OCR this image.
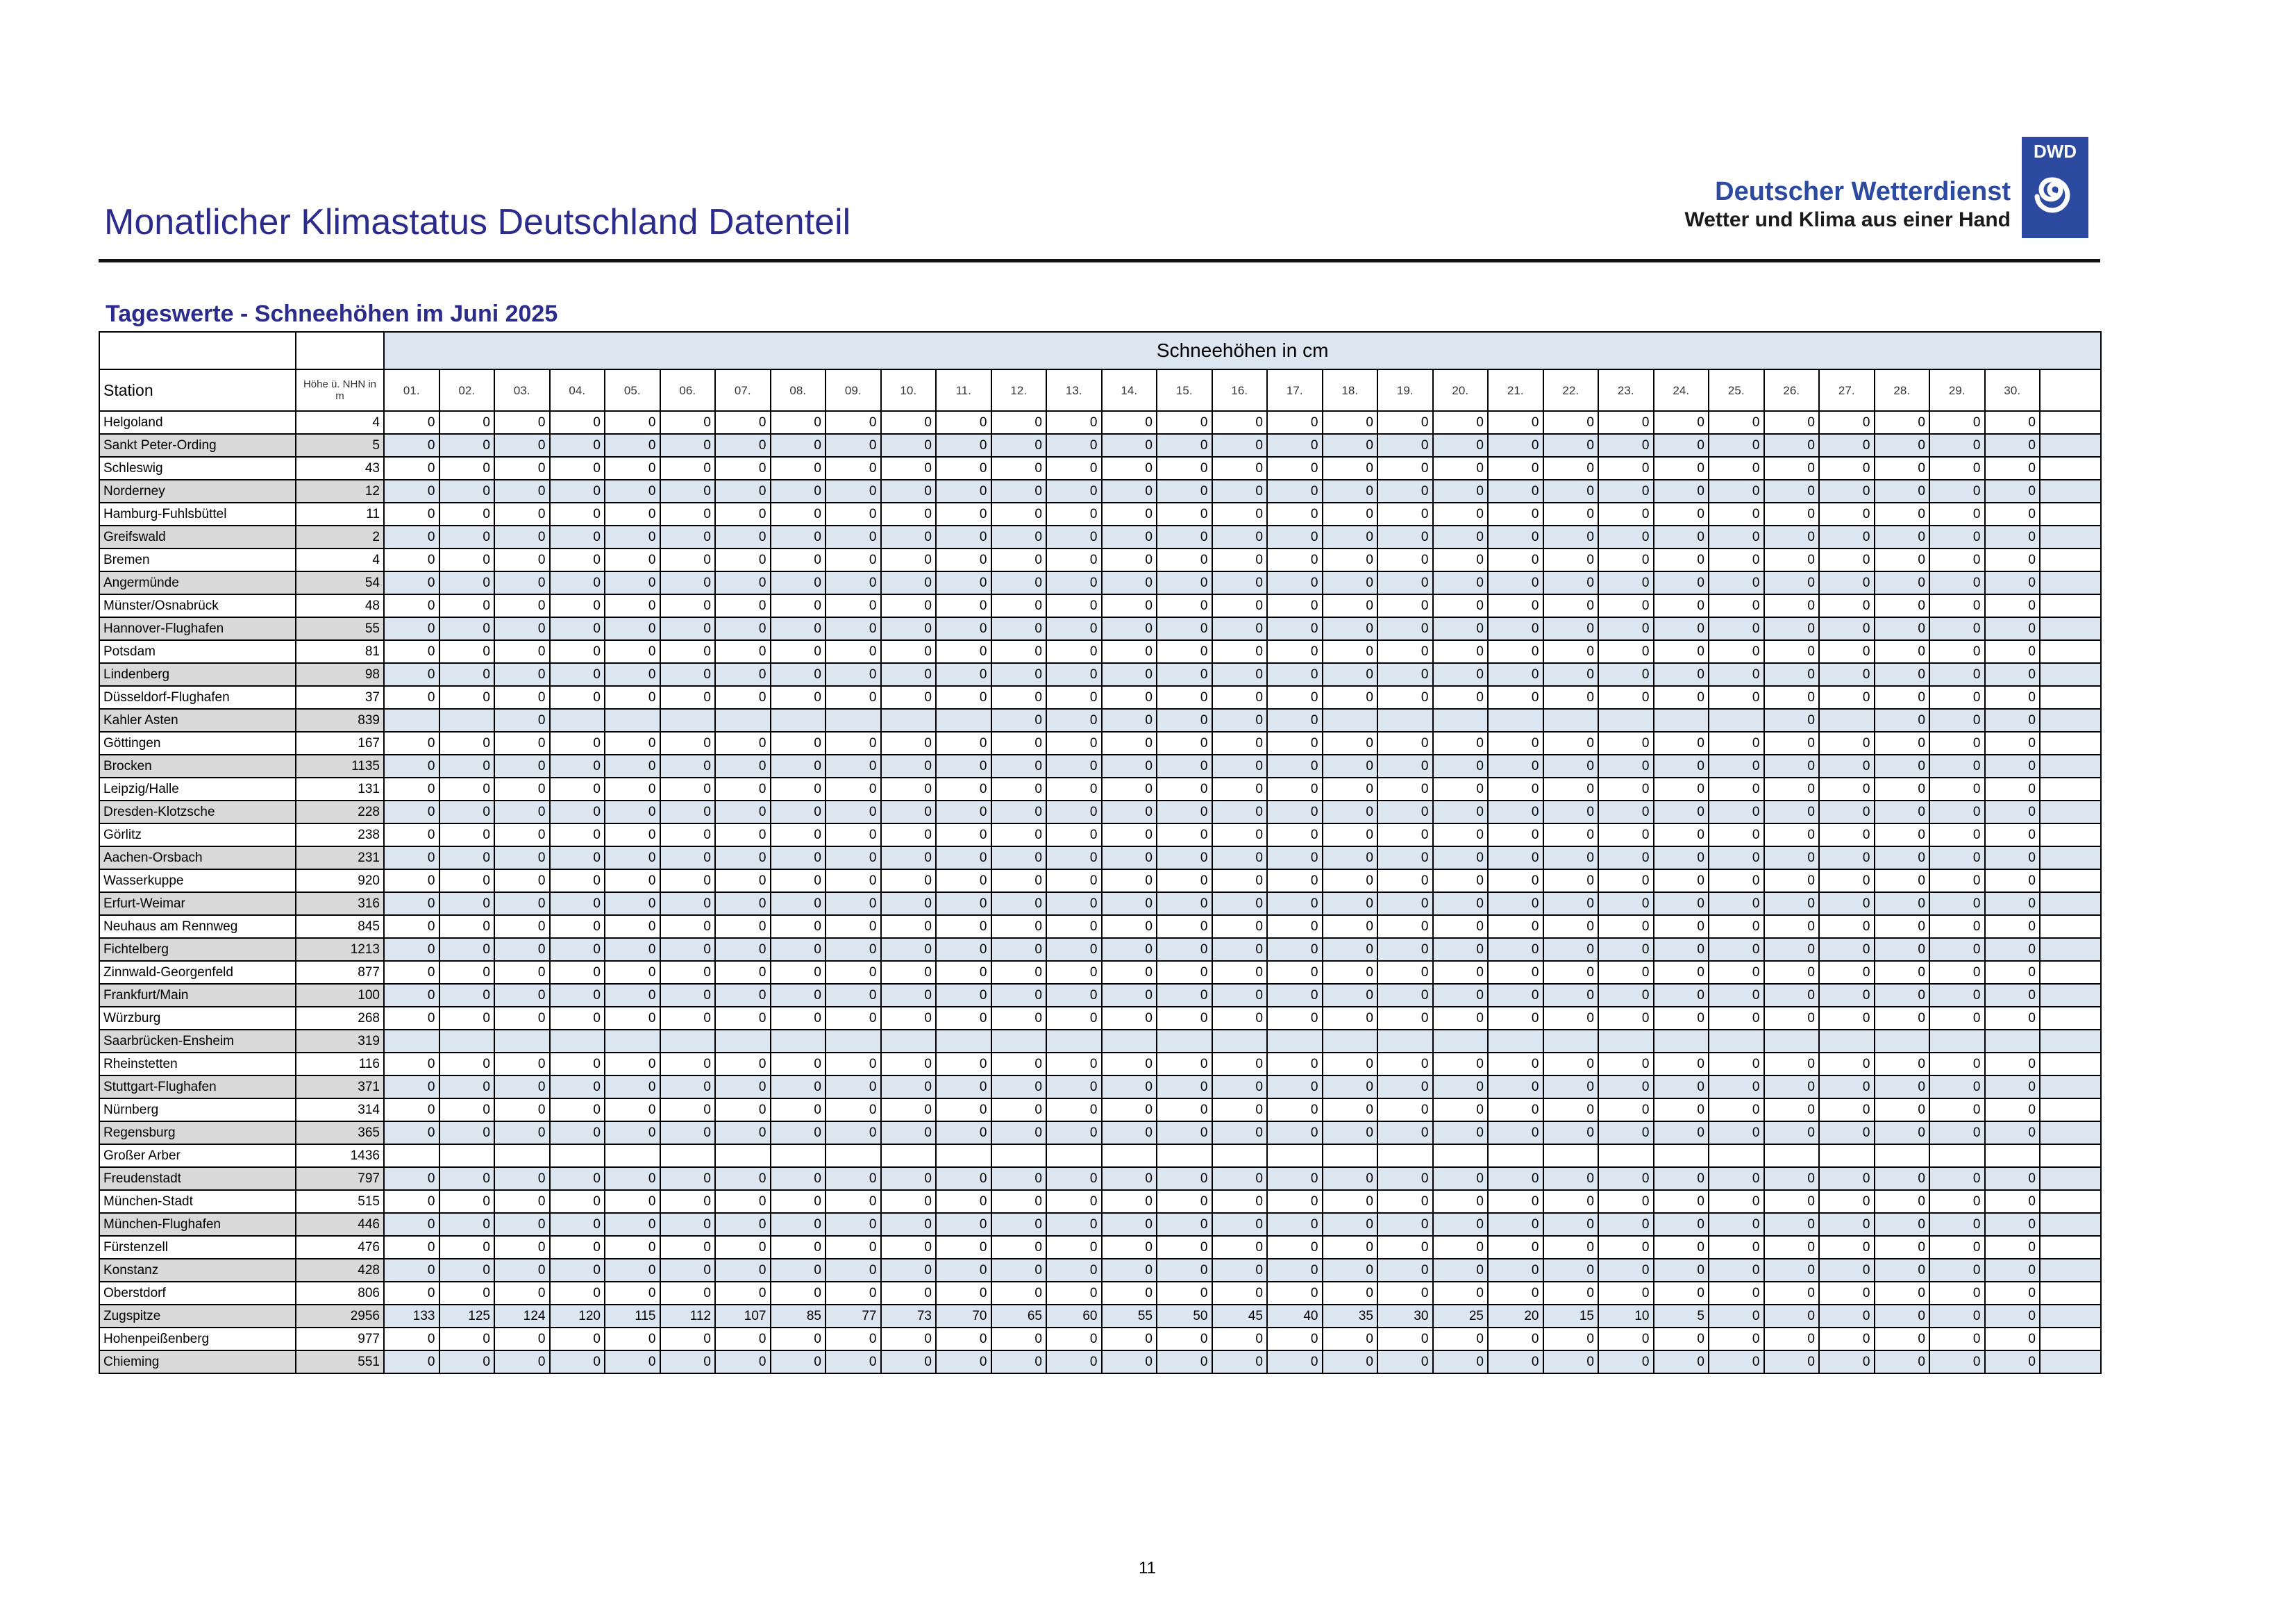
Monatlicher Klimastatus Deutschland Datenteil
Deutscher Wetterdienst
Wetter und Klima aus einer Hand
DWD
Tageswerte - Schneehöhen im Juni 2025
		Schneehöhen in cm																														
Station	Höhe ü. NHN in m	01.	02.	03.	04.	05.	06.	07.	08.	09.	10.	11.	12.	13.	14.	15.	16.	17.	18.	19.	20.	21.	22.	23.	24.	25.	26.	27.	28.	29.	30.	
Helgoland	4	0	0	0	0	0	0	0	0	0	0	0	0	0	0	0	0	0	0	0	0	0	0	0	0	0	0	0	0	0	0	
Sankt Peter-Ording	5	0	0	0	0	0	0	0	0	0	0	0	0	0	0	0	0	0	0	0	0	0	0	0	0	0	0	0	0	0	0	
Schleswig	43	0	0	0	0	0	0	0	0	0	0	0	0	0	0	0	0	0	0	0	0	0	0	0	0	0	0	0	0	0	0	
Norderney	12	0	0	0	0	0	0	0	0	0	0	0	0	0	0	0	0	0	0	0	0	0	0	0	0	0	0	0	0	0	0	
Hamburg-Fuhlsbüttel	11	0	0	0	0	0	0	0	0	0	0	0	0	0	0	0	0	0	0	0	0	0	0	0	0	0	0	0	0	0	0	
Greifswald	2	0	0	0	0	0	0	0	0	0	0	0	0	0	0	0	0	0	0	0	0	0	0	0	0	0	0	0	0	0	0	
Bremen	4	0	0	0	0	0	0	0	0	0	0	0	0	0	0	0	0	0	0	0	0	0	0	0	0	0	0	0	0	0	0	
Angermünde	54	0	0	0	0	0	0	0	0	0	0	0	0	0	0	0	0	0	0	0	0	0	0	0	0	0	0	0	0	0	0	
Münster/Osnabrück	48	0	0	0	0	0	0	0	0	0	0	0	0	0	0	0	0	0	0	0	0	0	0	0	0	0	0	0	0	0	0	
Hannover-Flughafen	55	0	0	0	0	0	0	0	0	0	0	0	0	0	0	0	0	0	0	0	0	0	0	0	0	0	0	0	0	0	0	
Potsdam	81	0	0	0	0	0	0	0	0	0	0	0	0	0	0	0	0	0	0	0	0	0	0	0	0	0	0	0	0	0	0	
Lindenberg	98	0	0	0	0	0	0	0	0	0	0	0	0	0	0	0	0	0	0	0	0	0	0	0	0	0	0	0	0	0	0	
Düsseldorf-Flughafen	37	0	0	0	0	0	0	0	0	0	0	0	0	0	0	0	0	0	0	0	0	0	0	0	0	0	0	0	0	0	0	
Kahler Asten	839			0									0	0	0	0	0	0									0		0	0	0	
Göttingen	167	0	0	0	0	0	0	0	0	0	0	0	0	0	0	0	0	0	0	0	0	0	0	0	0	0	0	0	0	0	0	
Brocken	1135	0	0	0	0	0	0	0	0	0	0	0	0	0	0	0	0	0	0	0	0	0	0	0	0	0	0	0	0	0	0	
Leipzig/Halle	131	0	0	0	0	0	0	0	0	0	0	0	0	0	0	0	0	0	0	0	0	0	0	0	0	0	0	0	0	0	0	
Dresden-Klotzsche	228	0	0	0	0	0	0	0	0	0	0	0	0	0	0	0	0	0	0	0	0	0	0	0	0	0	0	0	0	0	0	
Görlitz	238	0	0	0	0	0	0	0	0	0	0	0	0	0	0	0	0	0	0	0	0	0	0	0	0	0	0	0	0	0	0	
Aachen-Orsbach	231	0	0	0	0	0	0	0	0	0	0	0	0	0	0	0	0	0	0	0	0	0	0	0	0	0	0	0	0	0	0	
Wasserkuppe	920	0	0	0	0	0	0	0	0	0	0	0	0	0	0	0	0	0	0	0	0	0	0	0	0	0	0	0	0	0	0	
Erfurt-Weimar	316	0	0	0	0	0	0	0	0	0	0	0	0	0	0	0	0	0	0	0	0	0	0	0	0	0	0	0	0	0	0	
Neuhaus am Rennweg	845	0	0	0	0	0	0	0	0	0	0	0	0	0	0	0	0	0	0	0	0	0	0	0	0	0	0	0	0	0	0	
Fichtelberg	1213	0	0	0	0	0	0	0	0	0	0	0	0	0	0	0	0	0	0	0	0	0	0	0	0	0	0	0	0	0	0	
Zinnwald-Georgenfeld	877	0	0	0	0	0	0	0	0	0	0	0	0	0	0	0	0	0	0	0	0	0	0	0	0	0	0	0	0	0	0	
Frankfurt/Main	100	0	0	0	0	0	0	0	0	0	0	0	0	0	0	0	0	0	0	0	0	0	0	0	0	0	0	0	0	0	0	
Würzburg	268	0	0	0	0	0	0	0	0	0	0	0	0	0	0	0	0	0	0	0	0	0	0	0	0	0	0	0	0	0	0	
Saarbrücken-Ensheim	319																															
Rheinstetten	116	0	0	0	0	0	0	0	0	0	0	0	0	0	0	0	0	0	0	0	0	0	0	0	0	0	0	0	0	0	0	
Stuttgart-Flughafen	371	0	0	0	0	0	0	0	0	0	0	0	0	0	0	0	0	0	0	0	0	0	0	0	0	0	0	0	0	0	0	
Nürnberg	314	0	0	0	0	0	0	0	0	0	0	0	0	0	0	0	0	0	0	0	0	0	0	0	0	0	0	0	0	0	0	
Regensburg	365	0	0	0	0	0	0	0	0	0	0	0	0	0	0	0	0	0	0	0	0	0	0	0	0	0	0	0	0	0	0	
Großer Arber	1436																															
Freudenstadt	797	0	0	0	0	0	0	0	0	0	0	0	0	0	0	0	0	0	0	0	0	0	0	0	0	0	0	0	0	0	0	
München-Stadt	515	0	0	0	0	0	0	0	0	0	0	0	0	0	0	0	0	0	0	0	0	0	0	0	0	0	0	0	0	0	0	
München-Flughafen	446	0	0	0	0	0	0	0	0	0	0	0	0	0	0	0	0	0	0	0	0	0	0	0	0	0	0	0	0	0	0	
Fürstenzell	476	0	0	0	0	0	0	0	0	0	0	0	0	0	0	0	0	0	0	0	0	0	0	0	0	0	0	0	0	0	0	
Konstanz	428	0	0	0	0	0	0	0	0	0	0	0	0	0	0	0	0	0	0	0	0	0	0	0	0	0	0	0	0	0	0	
Oberstdorf	806	0	0	0	0	0	0	0	0	0	0	0	0	0	0	0	0	0	0	0	0	0	0	0	0	0	0	0	0	0	0	
Zugspitze	2956	133	125	124	120	115	112	107	85	77	73	70	65	60	55	50	45	40	35	30	25	20	15	10	5	0	0	0	0	0	0	
Hohenpeißenberg	977	0	0	0	0	0	0	0	0	0	0	0	0	0	0	0	0	0	0	0	0	0	0	0	0	0	0	0	0	0	0	
Chieming	551	0	0	0	0	0	0	0	0	0	0	0	0	0	0	0	0	0	0	0	0	0	0	0	0	0	0	0	0	0	0	
11
